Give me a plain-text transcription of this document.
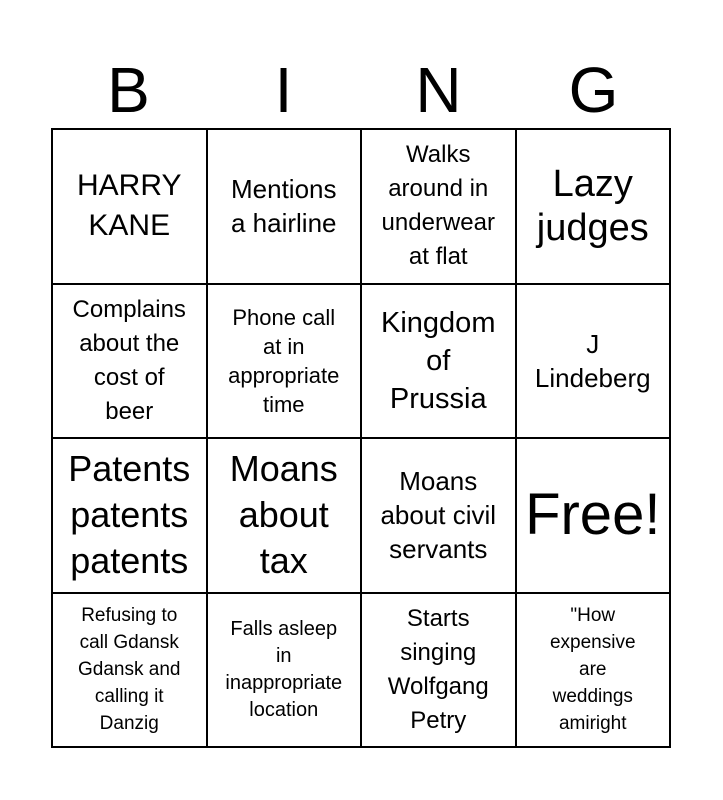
B	I	N	G
HARRY
KANE
Mentions
a hairline
Walks
around in
underwear
at flat
Lazy
judges
Complains
about the
cost of
beer
Phone call
at in
appropriate
time
Kingdom
of
Prussia
J
Lindeberg
Patents
patents
patents
Moans
about
tax
Moans
about civil
servants
Free!
Refusing to
call Gdansk
Gdansk and
calling it
Danzig
Falls asleep
in
inappropriate
location
Starts
singing
Wolfgang
Petry
"How
expensive
are
weddings
amiright
